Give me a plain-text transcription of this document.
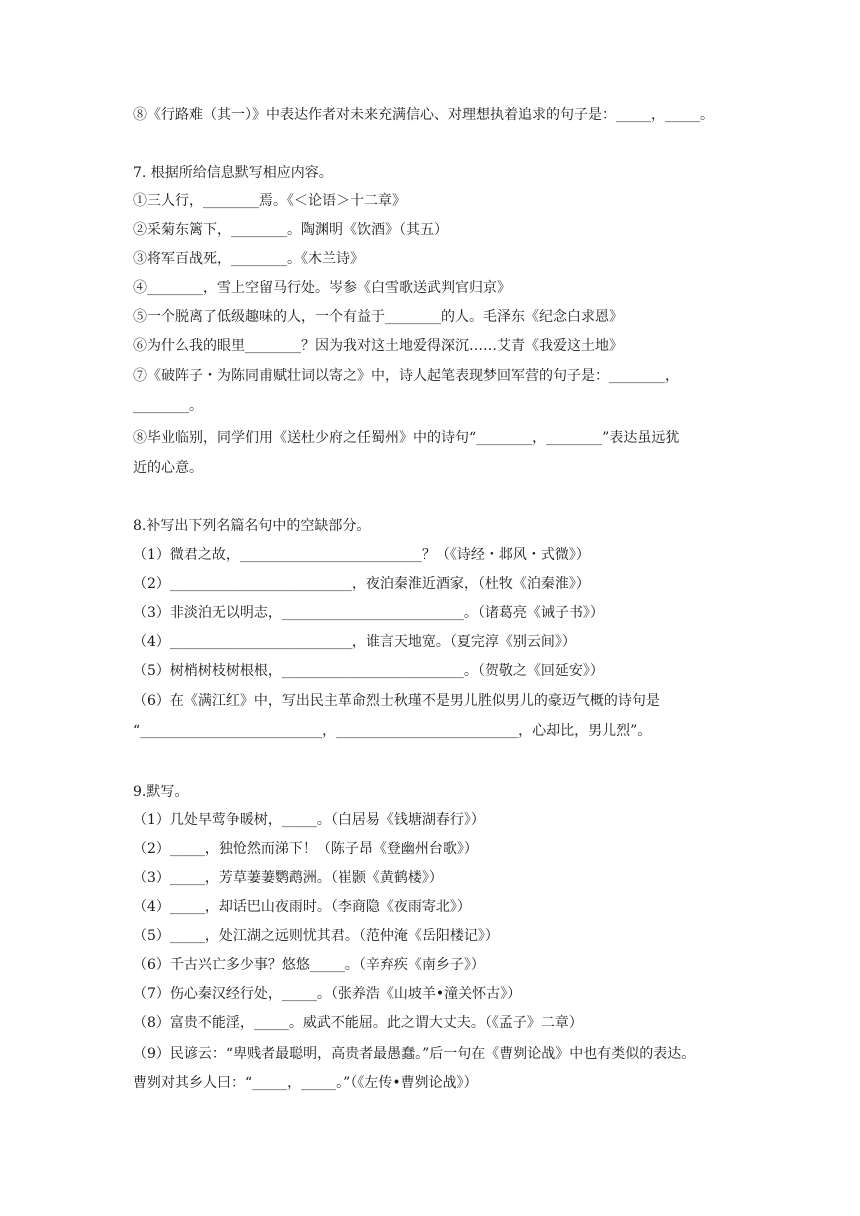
⑧《行路难（其一）》中表达作者对未来充满信心、对理想执着追求的句子是：_____，_____。
7. 根据所给信息默写相应内容。
①三人行，________焉。《＜论语＞十二章》
②采菊东篱下，________。陶渊明《饮酒》（其五）
③将军百战死，________。《木兰诗》
④________，雪上空留马行处。岑参《白雪歌送武判官归京》
⑤一个脱离了低级趣味的人，一个有益于________的人。毛泽东《纪念白求恩》
⑥为什么我的眼里________？因为我对这土地爱得深沉……艾青《我爱这土地》
⑦《破阵子・为陈同甫赋壮词以寄之》中，诗人起笔表现梦回军营的句子是：________，
________。
⑧毕业临别，同学们用《送杜少府之任蜀州》中的诗句“________，________”表达虽远犹
近的心意。
8.补写出下列名篇名句中的空缺部分。
（1）微君之故，__________________________？（《诗经・邶风・式微》）
（2）__________________________，夜泊秦淮近酒家，（杜牧《泊秦淮》）
（3）非淡泊无以明志，__________________________。（诸葛亮《诫子书》）
（4）__________________________，谁言天地宽。（夏完淳《别云间》）
（5）树梢树枝树根根，__________________________。（贺敬之《回延安》）
（6）在《满江红》中，写出民主革命烈士秋瑾不是男儿胜似男儿的豪迈气概的诗句是
“__________________________，__________________________，心却比，男儿烈”。
9.默写。
（1）几处早莺争暖树，_____。（白居易《钱塘湖春行》）
（2）_____，独怆然而涕下！（陈子昂《登幽州台歌》）
（3）_____，芳草萋萋鹦鹉洲。（崔颢《黄鹤楼》）
（4）_____，却话巴山夜雨时。（李商隐《夜雨寄北》）
（5）_____，处江湖之远则忧其君。（范仲淹《岳阳楼记》）
（6）千古兴亡多少事？悠悠_____。（辛弃疾《南乡子》）
（7）伤心秦汉经行处，_____。（张养浩《山坡羊•潼关怀古》）
（8）富贵不能淫，_____。威武不能屈。此之谓大丈夫。（《孟子》二章）
（9）民谚云：“卑贱者最聪明，高贵者最愚蠢。”后一句在《曹刿论战》中也有类似的表达。
曹刿对其乡人曰：“_____，_____。”（《左传•曹刿论战》）
